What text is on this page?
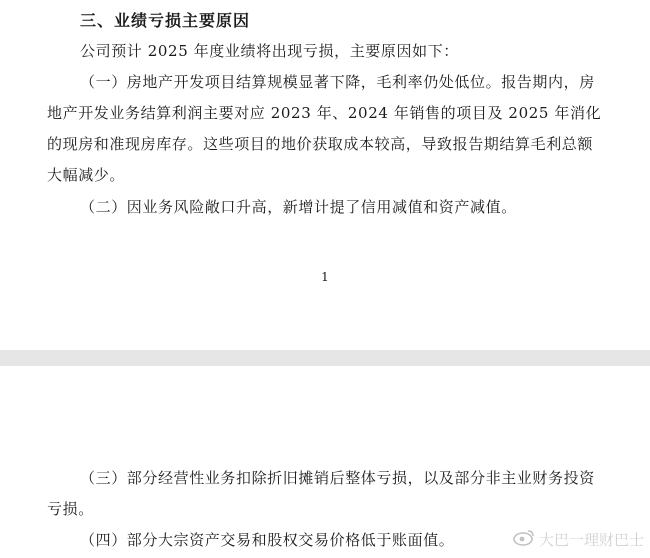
三、业绩亏损主要原因
公司预计 2025 年度业绩将出现亏损，主要原因如下：
（一）房地产开发项目结算规模显著下降，毛利率仍处低位。报告期内，房地产开发业务结算利润主要对应 2023 年、2024 年销售的项目及 2025 年消化的现房和准现房库存。这些项目的地价获取成本较高，导致报告期结算毛利总额大幅减少。
（二）因业务风险敞口升高，新增计提了信用减值和资产减值。
1
（三）部分经营性业务扣除折旧摊销后整体亏损，以及部分非主业财务投资亏损。
（四）部分大宗资产交易和股权交易价格低于账面值。	大巴一理财巴士
